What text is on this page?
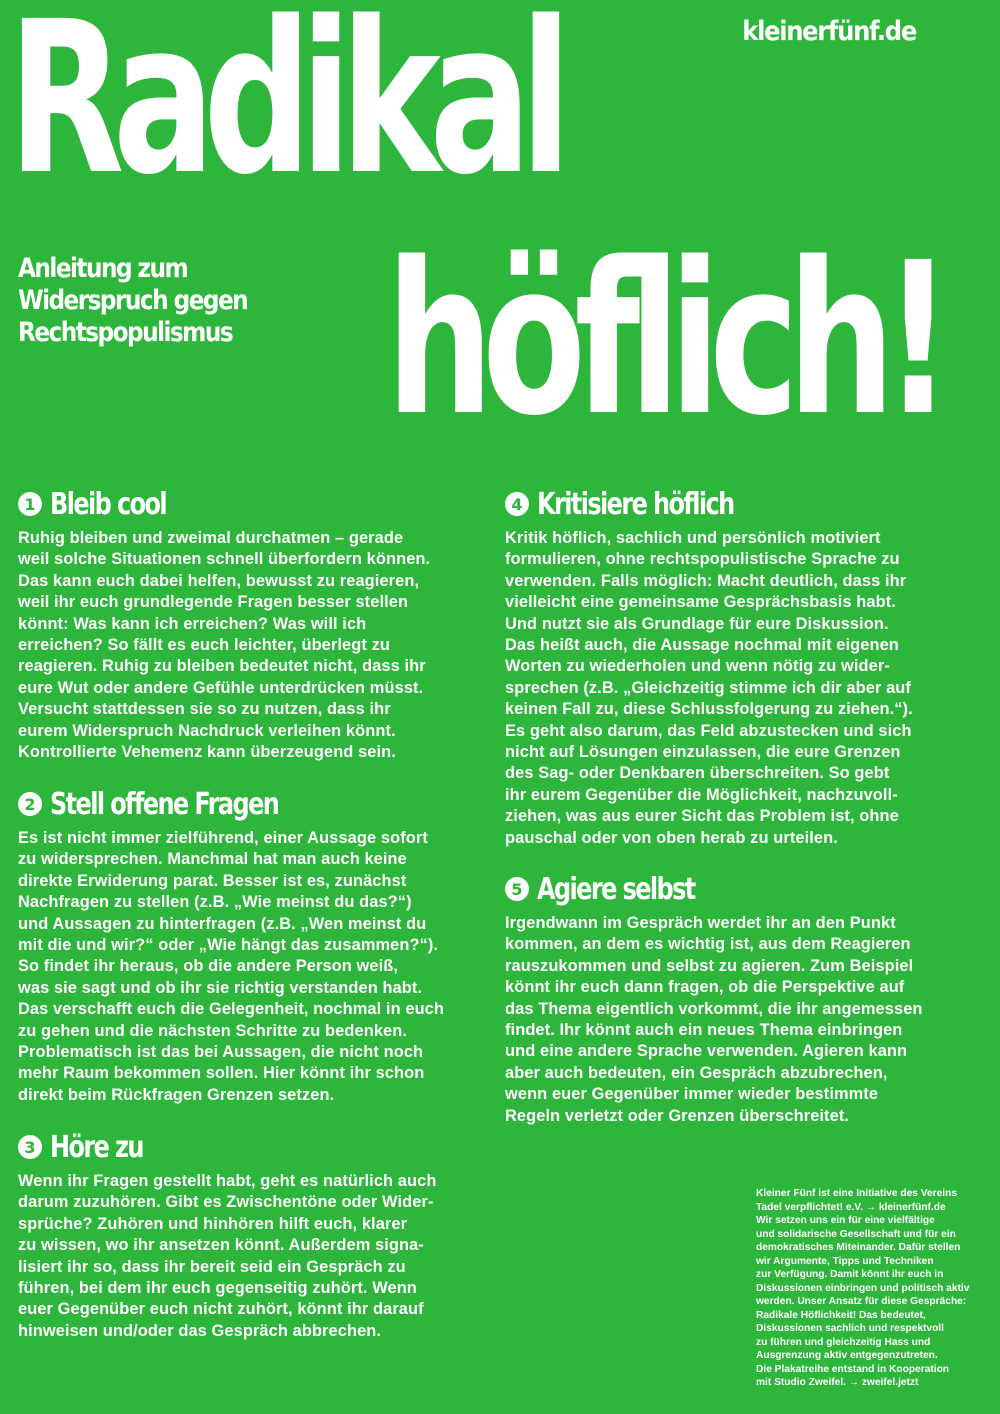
kleinerfünf.de
Radikal
höflich!
Anleitung zum
Widerspruch gegen
Rechtspopulismus
1 Bleib cool

Ruhig bleiben und zweimal durchatmen – gerade

weil solche Situationen schnell überfordern können.

Das kann euch dabei helfen, bewusst zu reagieren,

weil ihr euch grundlegende Fragen besser stellen

könnt: Was kann ich erreichen? Was will ich

erreichen? So fällt es euch leichter, überlegt zu

reagieren. Ruhig zu bleiben bedeutet nicht, dass ihr

eure Wut oder andere Gefühle unterdrücken müsst.

Versucht stattdessen sie so zu nutzen, dass ihr

eurem Widerspruch Nachdruck verleihen könnt.

Kontrollierte Vehemenz kann überzeugend sein.

2 Stell offene Fragen

Es ist nicht immer zielführend, einer Aussage sofort

zu widersprechen. Manchmal hat man auch keine

direkte Erwiderung parat. Besser ist es, zunächst

Nachfragen zu stellen (z.B. „Wie meinst du das?“)

und Aussagen zu hinterfragen (z.B. „Wen meinst du

mit die und wir?“ oder „Wie hängt das zusammen?“).

So findet ihr heraus, ob die andere Person weiß,

was sie sagt und ob ihr sie richtig verstanden habt.

Das verschafft euch die Gelegenheit, nochmal in euch

zu gehen und die nächsten Schritte zu bedenken.

Problematisch ist das bei Aussagen, die nicht noch

mehr Raum bekommen sollen. Hier könnt ihr schon

direkt beim Rückfragen Grenzen setzen.

3 Höre zu

Wenn ihr Fragen gestellt habt, geht es natürlich auch

darum zuzuhören. Gibt es Zwischentöne oder Wider-

sprüche? Zuhören und hinhören hilft euch, klarer

zu wissen, wo ihr ansetzen könnt. Außerdem signa-

lisiert ihr so, dass ihr bereit seid ein Gespräch zu

führen, bei dem ihr euch gegenseitig zuhört. Wenn

euer Gegenüber euch nicht zuhört, könnt ihr darauf

hinweisen und/oder das Gespräch abbrechen.

4 Kritisiere höflich

Kritik höflich, sachlich und persönlich motiviert

formulieren, ohne rechtspopulistische Sprache zu

verwenden. Falls möglich: Macht deutlich, dass ihr

vielleicht eine gemeinsame Gesprächsbasis habt.

Und nutzt sie als Grundlage für eure Diskussion.

Das heißt auch, die Aussage nochmal mit eigenen

Worten zu wiederholen und wenn nötig zu wider-

sprechen (z.B. „Gleichzeitig stimme ich dir aber auf

keinen Fall zu, diese Schlussfolgerung zu ziehen.“).

Es geht also darum, das Feld abzustecken und sich

nicht auf Lösungen einzulassen, die eure Grenzen

des Sag- oder Denkbaren überschreiten. So gebt

ihr eurem Gegenüber die Möglichkeit, nachzuvoll-

ziehen, was aus eurer Sicht das Problem ist, ohne

pauschal oder von oben herab zu urteilen.

5 Agiere selbst

Irgendwann im Gespräch werdet ihr an den Punkt

kommen, an dem es wichtig ist, aus dem Reagieren

rauszukommen und selbst zu agieren. Zum Beispiel

könnt ihr euch dann fragen, ob die Perspektive auf

das Thema eigentlich vorkommt, die ihr angemessen

findet. Ihr könnt auch ein neues Thema einbringen

und eine andere Sprache verwenden. Agieren kann

aber auch bedeuten, ein Gespräch abzubrechen,

wenn euer Gegenüber immer wieder bestimmte

Regeln verletzt oder Grenzen überschreitet.

Kleiner Fünf ist eine Initiative des Vereins

Tadel verpflichtet! e.V. → kleinerfünf.de

Wir setzen uns ein für eine vielfältige

und solidarische Gesellschaft und für ein

demokratisches Miteinander. Dafür stellen

wir Argumente, Tipps und Techniken

zur Verfügung. Damit könnt ihr euch in

Diskussionen einbringen und politisch aktiv

werden. Unser Ansatz für diese Gespräche:

Radikale Höflichkeit! Das bedeutet,

Diskussionen sachlich und respektvoll

zu führen und gleichzeitig Hass und

Ausgrenzung aktiv entgegenzutreten.

Die Plakatreihe entstand in Kooperation

mit Studio Zweifel. → zweifel.jetzt
